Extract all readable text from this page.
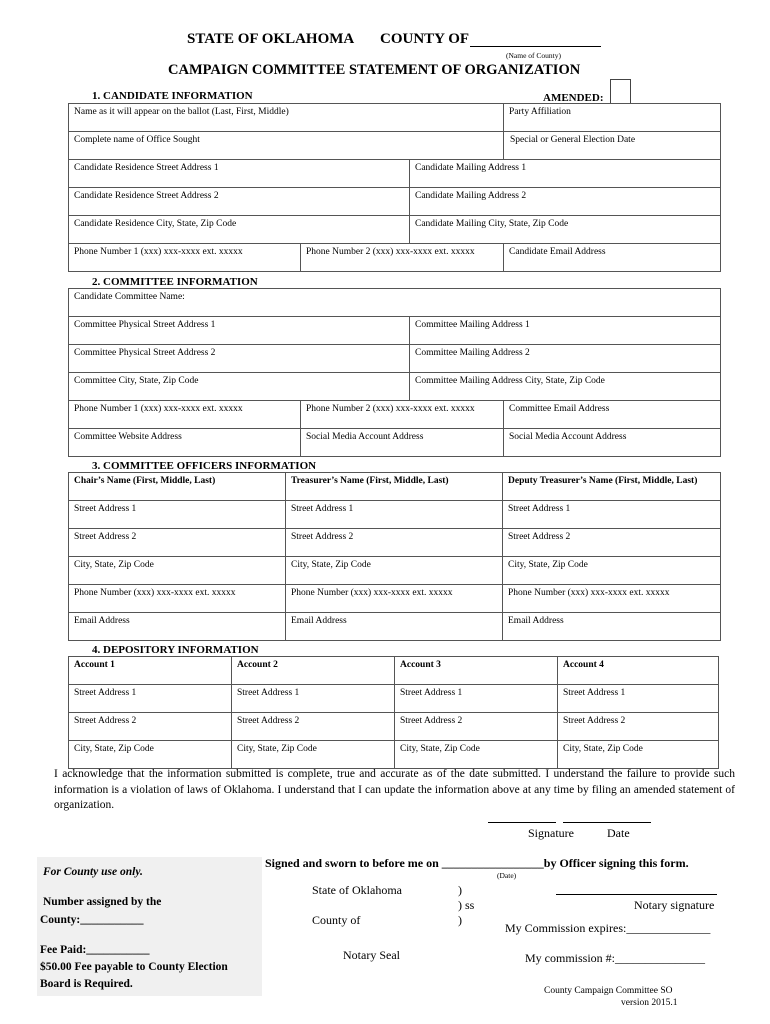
STATE OF OKLAHOMA COUNTY OF
(Name of County)
CAMPAIGN COMMITTEE STATEMENT OF ORGANIZATION
1. CANDIDATE INFORMATION	AMENDED:
Name as it will appear on the ballot (Last, First, Middle)			Party Affiliation
Complete name of Office Sought			Special or General Election Date
Candidate Residence Street Address 1		Candidate Mailing Address 1	
Candidate Residence Street Address 2		Candidate Mailing Address 2	
Candidate Residence City, State, Zip Code		Candidate Mailing City, State, Zip Code	
Phone Number 1 (xxx) xxx-xxxx ext. xxxxx	Phone Number 2 (xxx) xxx-xxxx ext. xxxxx		Candidate Email Address
2. COMMITTEE INFORMATION
Candidate Committee Name:			
Committee Physical Street Address 1		Committee Mailing Address 1	
Committee Physical Street Address 2		Committee Mailing Address 2	
Committee City, State, Zip Code		Committee Mailing Address City, State, Zip Code	
Phone Number 1 (xxx) xxx-xxxx ext. xxxxx	Phone Number 2 (xxx) xxx-xxxx ext. xxxxx		Committee Email Address
Committee Website Address	Social Media Account Address		Social Media Account Address
3. COMMITTEE OFFICERS INFORMATION
Chair’s Name (First, Middle, Last)	Treasurer’s Name (First, Middle, Last)	Deputy Treasurer’s Name (First, Middle, Last)
Street Address 1	Street Address 1	Street Address 1
Street Address 2	Street Address 2	Street Address 2
City, State, Zip Code	City, State, Zip Code	City, State, Zip Code
Phone Number (xxx) xxx-xxxx ext. xxxxx	Phone Number (xxx) xxx-xxxx ext. xxxxx	Phone Number (xxx) xxx-xxxx ext. xxxxx
Email Address	Email Address	Email Address
4. DEPOSITORY INFORMATION
Account 1	Account 2	Account 3	Account 4
Street Address 1	Street Address 1	Street Address 1	Street Address 1
Street Address 2	Street Address 2	Street Address 2	Street Address 2
City, State, Zip Code	City, State, Zip Code	City, State, Zip Code	City, State, Zip Code
I acknowledge that the information submitted is complete, true and accurate as of the date submitted. I understand the failure to provide such information is a violation of laws of Oklahoma. I understand that I can update the information above at any time by filing an amended statement of organization.
Signature	Date
For County use only.
Number assigned by the
County:___________
Fee Paid:___________
$50.00 Fee payable to County Election
Board is Required.
Signed and sworn to before me on _________________by Officer signing this form.
(Date)
State of Oklahoma	)
) ss
)
County of
Notary Seal
Notary signature
My Commission expires:______________
My commission #:_______________
County Campaign Committee SO
version 2015.1
